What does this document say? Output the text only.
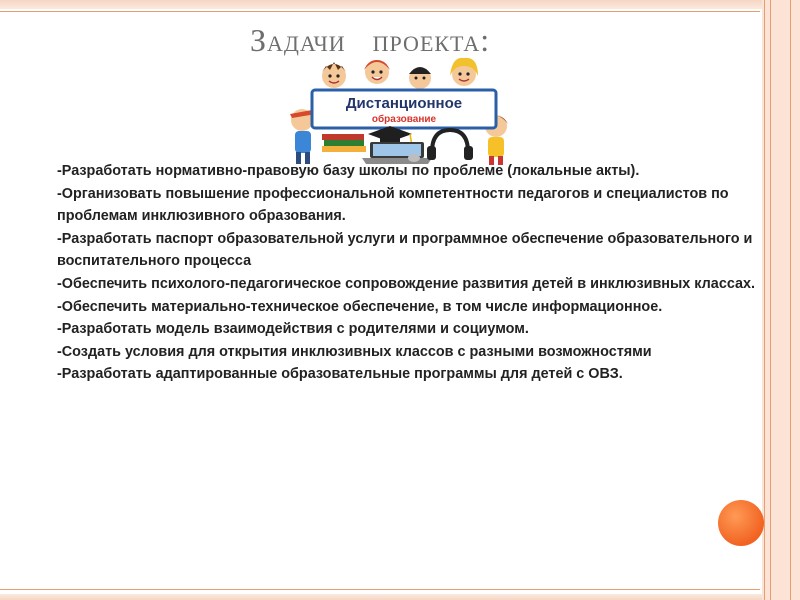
Задачи   проекта:
Дистанционное
образование
-Разработать нормативно-правовую базу школы по проблеме (локальные акты).
-Организовать повышение профессиональной компетентности педагогов и специалистов по проблемам инклюзивного образования.
-Разработать паспорт образовательной услуги и программное обеспечение образовательного и воспитательного процесса
-Обеспечить психолого-педагогическое сопровождение развития детей в инклюзивных классах.
-Обеспечить материально-техническое обеспечение, в том числе информационное.
-Разработать модель взаимодействия с родителями и социумом.
-Создать условия для открытия инклюзивных классов с разными возможностями
-Разработать адаптированные образовательные программы для детей с ОВЗ.
